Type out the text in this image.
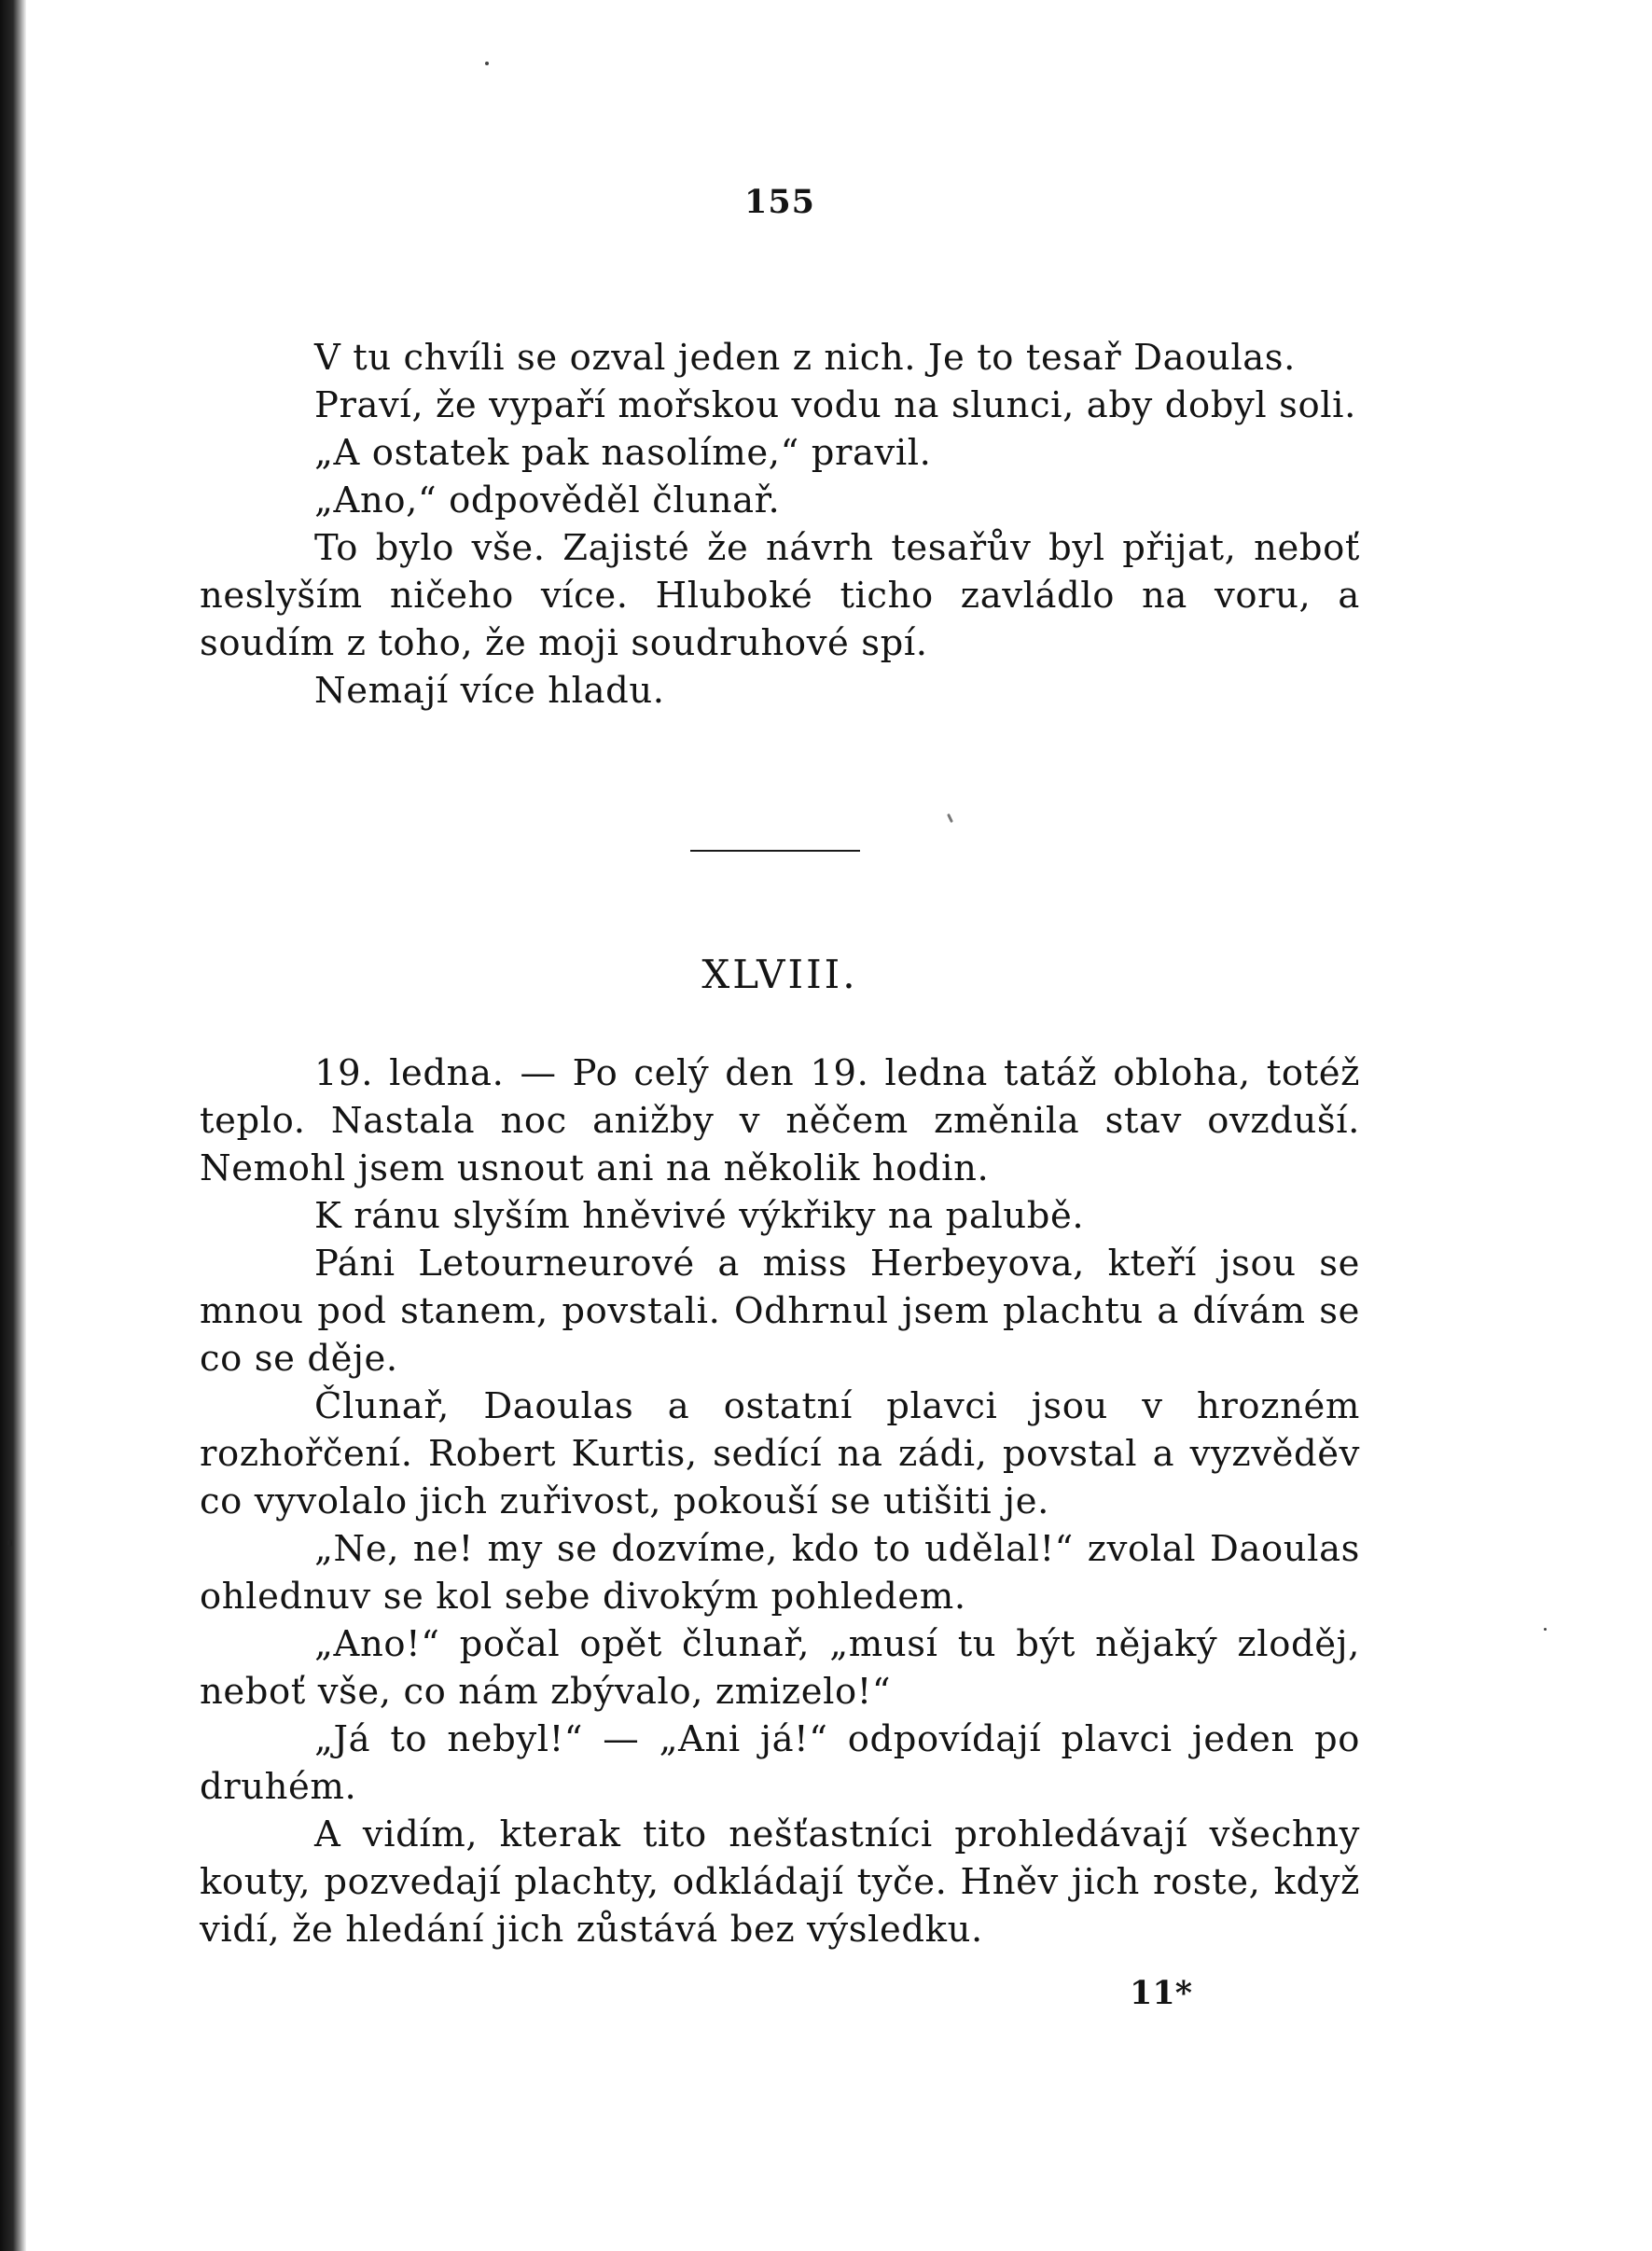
155

V tu chvíli se ozval jeden z nich. Je to tesař Daoulas.

Praví, že vypaří mořskou vodu na slunci, aby dobyl soli.

„A ostatek pak nasolíme,“ pravil.

„Ano,“ odpověděl člunař.

To bylo vše. Zajisté že návrh tesařův byl přijat, neboť neslyším ničeho více. Hluboké ticho zavládlo na voru, a soudím z toho, že moji soudruhové spí.

Nemají více hladu.

XLVIII.

19. ledna. — Po celý den 19. ledna tatáž obloha, totéž teplo. Nastala noc anižby v něčem změnila stav ovzduší. Nemohl jsem usnout ani na několik hodin.

K ránu slyším hněvivé výkřiky na palubě.

Páni Letourneurové a miss Herbeyova, kteří jsou se mnou pod stanem, povstali. Odhrnul jsem plachtu a dívám se co se děje.

Člunař, Daoulas a ostatní plavci jsou v hrozném rozhořčení. Robert Kurtis, sedící na zádi, povstal a vyzvěděv co vyvolalo jich zuřivost, pokouší se utišiti je.

„Ne, ne! my se dozvíme, kdo to udělal!“ zvolal Daoulas ohlednuv se kol sebe divokým pohledem.

„Ano!“ počal opět člunař, „musí tu být nějaký zloděj, neboť vše, co nám zbývalo, zmizelo!“

„Já to nebyl!“ — „Ani já!“ odpovídají plavci jeden po druhém.

A vidím, kterak tito nešťastníci prohledávají všechny kouty, pozvedají plachty, odkládají tyče. Hněv jich roste, když vidí, že hledání jich zůstává bez výsledku.

11*
